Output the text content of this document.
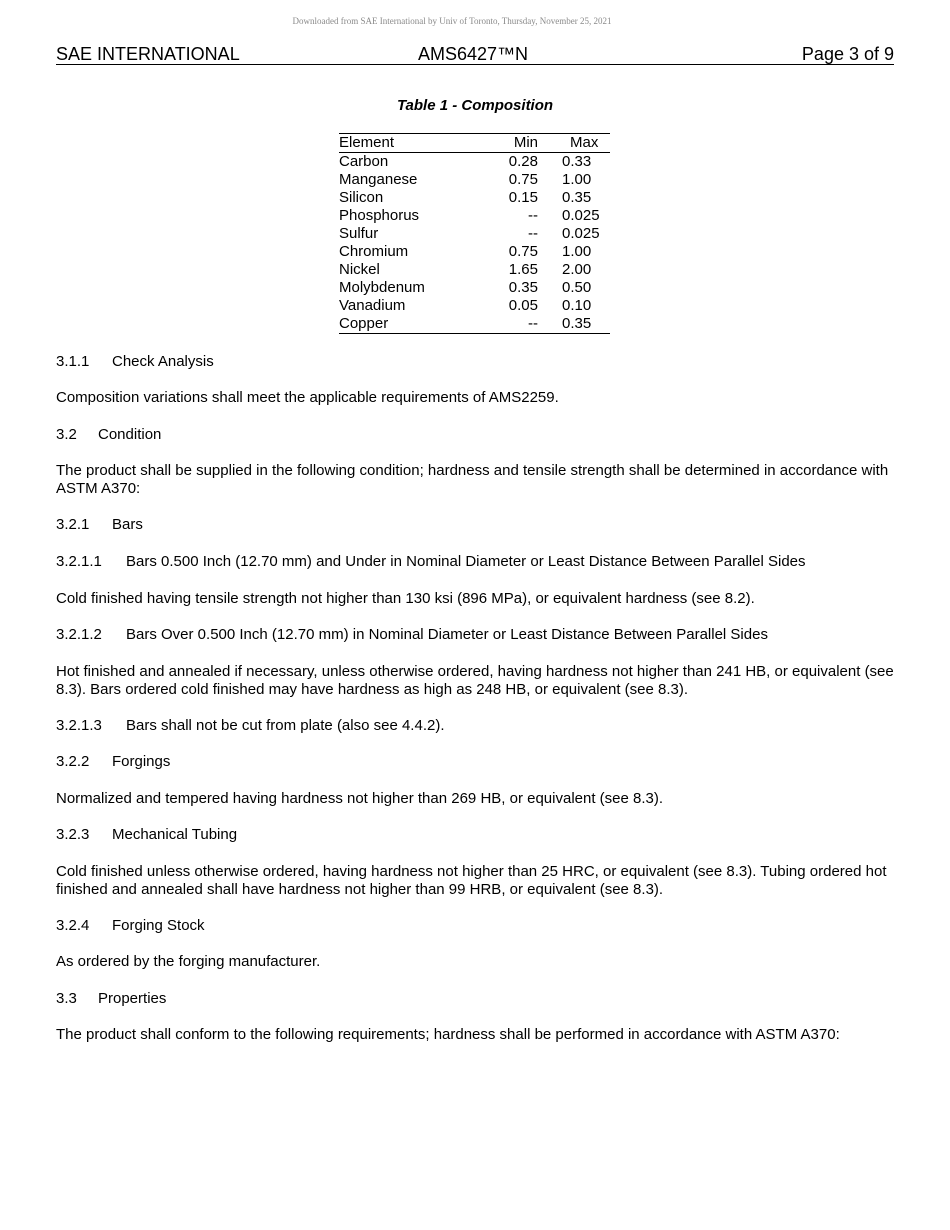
Downloaded from SAE International by Univ of Toronto, Thursday, November 25, 2021
SAE INTERNATIONAL	AMS6427™N	Page 3 of 9
Table 1 - Composition
Element	Min	Max
Carbon	0.28	0.33
Manganese	0.75	1.00
Silicon	0.15	0.35
Phosphorus	--	0.025
Sulfur	--	0.025
Chromium	0.75	1.00
Nickel	1.65	2.00
Molybdenum	0.35	0.50
Vanadium	0.05	0.10
Copper	--	0.35
3.1.1 Check Analysis
Composition variations shall meet the applicable requirements of AMS2259.
3.2 Condition
The product shall be supplied in the following condition; hardness and tensile strength shall be determined in accordance with ASTM A370:
3.2.1 Bars
3.2.1.1 Bars 0.500 Inch (12.70 mm) and Under in Nominal Diameter or Least Distance Between Parallel Sides
Cold finished having tensile strength not higher than 130 ksi (896 MPa), or equivalent hardness (see 8.2).
3.2.1.2 Bars Over 0.500 Inch (12.70 mm) in Nominal Diameter or Least Distance Between Parallel Sides
Hot finished and annealed if necessary, unless otherwise ordered, having hardness not higher than 241 HB, or equivalent (see 8.3). Bars ordered cold finished may have hardness as high as 248 HB, or equivalent (see 8.3).
3.2.1.3 Bars shall not be cut from plate (also see 4.4.2).
3.2.2 Forgings
Normalized and tempered having hardness not higher than 269 HB, or equivalent (see 8.3).
3.2.3 Mechanical Tubing
Cold finished unless otherwise ordered, having hardness not higher than 25 HRC, or equivalent (see 8.3). Tubing ordered hot finished and annealed shall have hardness not higher than 99 HRB, or equivalent (see 8.3).
3.2.4 Forging Stock
As ordered by the forging manufacturer.
3.3 Properties
The product shall conform to the following requirements; hardness shall be performed in accordance with ASTM A370:
